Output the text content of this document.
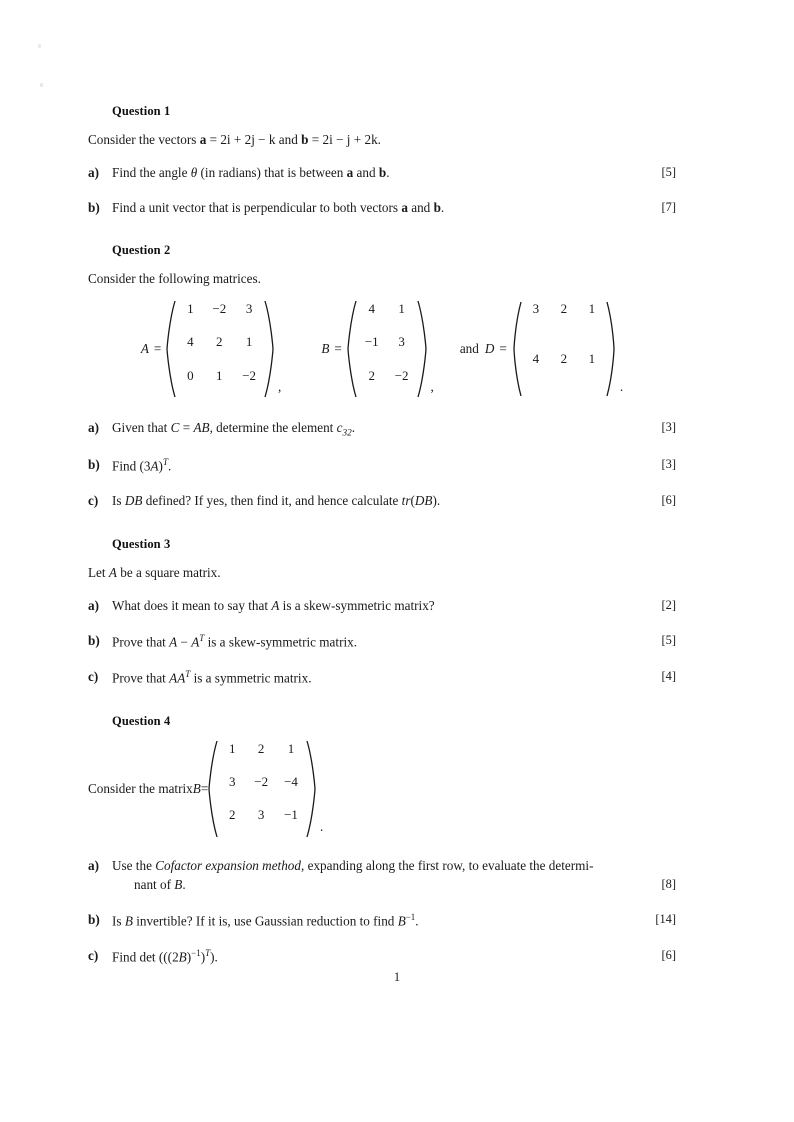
Question 1
Consider the vectors a = 2i + 2j − k and b = 2i − j + 2k.
a) Find the angle θ (in radians) that is between a and b.	[5]
b) Find a unit vector that is perpendicular to both vectors a and b.	[7]
Question 2
Consider the following matrices.
A =
1	−2	3
4	2	1
0	1	−2
,
B =
4	1
−1	3
2	−2
,
and D =
3	2	1
4	2	1
.
a) Given that C = AB, determine the element $c_{32}$.	[3]
b) Find $(3A)^T$.	[3]
c) Is DB defined? If yes, then find it, and hence calculate tr(DB).	[6]
Question 3
Let A be a square matrix.
a) What does it mean to say that A is a skew-symmetric matrix?	[2]
b) Prove that $A - A^T$ is a skew-symmetric matrix.	[5]
c) Prove that $AA^T$ is a symmetric matrix.	[4]
Question 4
Consider the matrix B =
1	2	1
3	−2	−4
2	3	−1
.
a) Use the Cofactor expansion method, expanding along the first row, to evaluate the determi-
nant of B.	[8]
b) Is B invertible? If it is, use Gaussian reduction to find $B^{-1}$.	[14]
c) Find $\det (((2B)^{-1})^T)$.	[6]
1
